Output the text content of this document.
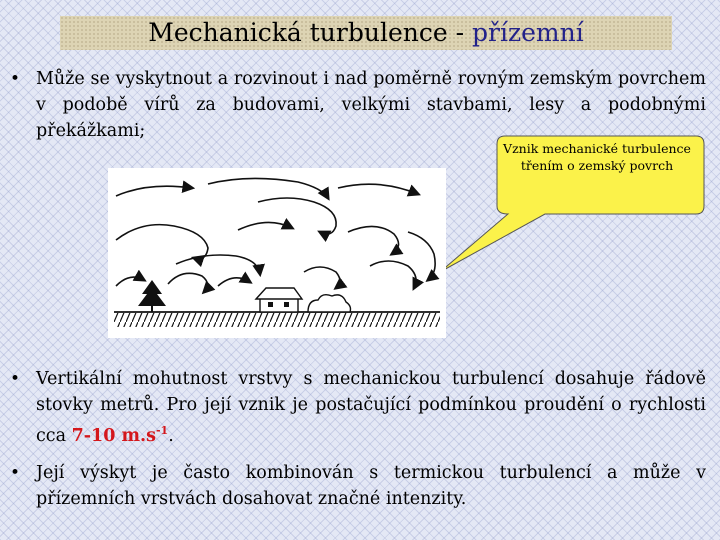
Mechanická turbulence - přízemní
Vznik mechanické turbulence třením o zemský povrch
• Může se vyskytnout a rozvinout i nad poměrně rovným zemským povrchem v podobě vírů za budovami, velkými stavbami, lesy a podobnými překážkami;

• Vertikální mohutnost vrstvy s mechanickou turbulencí dosahuje řádově stovky metrů. Pro její vznik je postačující podmínkou proudění o rychlosti cca 7-10 $m.s^{-1}$.

• Její výskyt je často kombinován s termickou turbulencí a může v přízemních vrstvách dosahovat značné intenzity.
